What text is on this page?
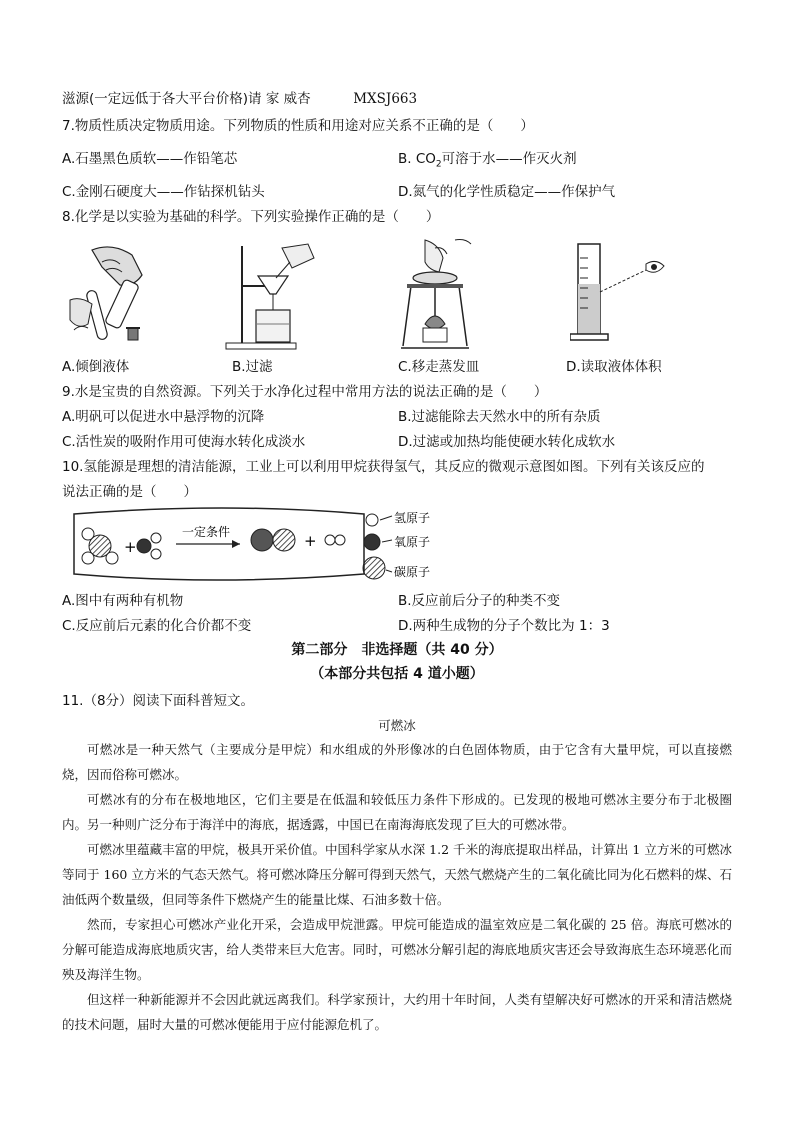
滋源(一定远低于各大平台价格)请 家 威杏	MXSJ663
7.物质性质决定物质用途。下列物质的性质和用途对应关系不正确的是（　　）
A.石墨黑色质软——作铅笔芯	B. $CO_2$可溶于水——作灭火剂
C.金刚石硬度大——作钻探机钻头	D.氮气的化学性质稳定——作保护气
8.化学是以实验为基础的科学。下列实验操作正确的是（　　）
A.倾倒液体	B.过滤	C.移走蒸发皿	D.读取液体体积
9.水是宝贵的自然资源。下列关于水净化过程中常用方法的说法正确的是（　　）
A.明矾可以促进水中悬浮物的沉降	B.过滤能除去天然水中的所有杂质
C.活性炭的吸附作用可使海水转化成淡水	D.过滤或加热均能使硬水转化成软水
10.氢能源是理想的清洁能源，工业上可以利用甲烷获得氢气，其反应的微观示意图如图。下列有关该反应的
说法正确的是（　　）
+
一定条件	+
氢原子
氧原子
碳原子
A.图中有两种有机物	B.反应前后分子的种类不变
C.反应前后元素的化合价都不变	D.两种生成物的分子个数比为 1：3
第二部分　非选择题（共 40 分）
（本部分共包括 4 道小题）
11.（8分）阅读下面科普短文。
可燃冰

可燃冰是一种天然气（主要成分是甲烷）和水组成的外形像冰的白色固体物质，由于它含有大量甲烷，可以直接燃烧，因而俗称可燃冰。

可燃冰有的分布在极地地区，它们主要是在低温和较低压力条件下形成的。已发现的极地可燃冰主要分布于北极圈内。另一种则广泛分布于海洋中的海底，据透露，中国已在南海海底发现了巨大的可燃冰带。

可燃冰里蕴藏丰富的甲烷，极具开采价值。中国科学家从水深 1.2 千米的海底提取出样品，计算出 1 立方米的可燃冰等同于 160 立方米的气态天然气。将可燃冰降压分解可得到天然气，天然气燃烧产生的二氧化硫比同为化石燃料的煤、石油低两个数量级，但同等条件下燃烧产生的能量比煤、石油多数十倍。

然而，专家担心可燃冰产业化开采，会造成甲烷泄露。甲烷可能造成的温室效应是二氧化碳的 25 倍。海底可燃冰的分解可能造成海底地质灾害，给人类带来巨大危害。同时，可燃冰分解引起的海底地质灾害还会导致海底生态环境恶化而殃及海洋生物。

但这样一种新能源并不会因此就远离我们。科学家预计，大约用十年时间，人类有望解决好可燃冰的开采和清洁燃烧的技术问题，届时大量的可燃冰便能用于应付能源危机了。
